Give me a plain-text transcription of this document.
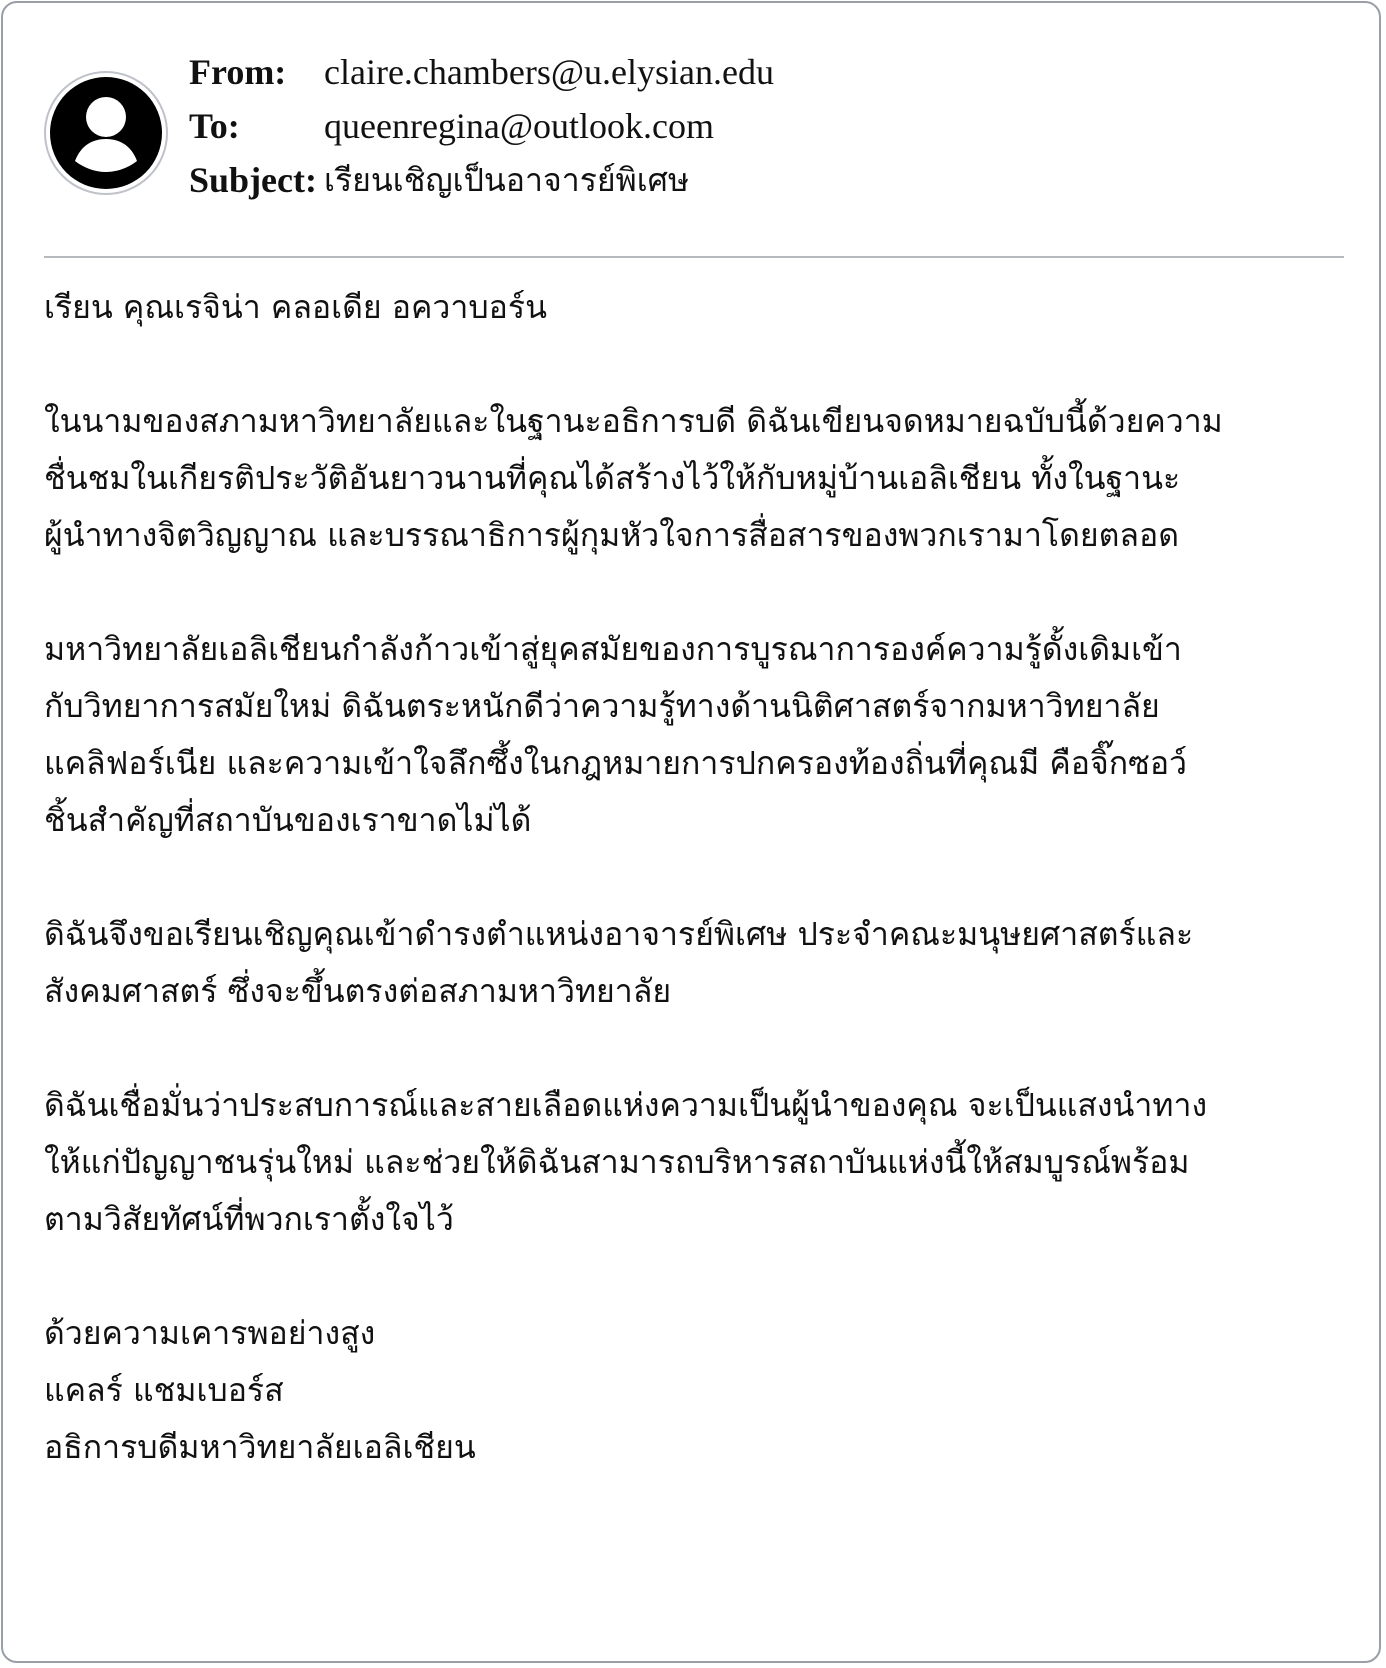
From: claire.chambers@u.elysian.edu
To: queenregina@outlook.com
Subject: เรียนเชิญเป็นอาจารย์พิเศษ

เรียน คุณเรจิน่า คลอเดีย อควาบอร์น

ในนามของสภามหาวิทยาลัยและในฐานะอธิการบดี ดิฉันเขียนจดหมายฉบับนี้ด้วยความ
ชื่นชมในเกียรติประวัติอันยาวนานที่คุณได้สร้างไว้ให้กับหมู่บ้านเอลิเชียน ทั้งในฐานะ
ผู้นำทางจิตวิญญาณ และบรรณาธิการผู้กุมหัวใจการสื่อสารของพวกเรามาโดยตลอด
มหาวิทยาลัยเอลิเชียนกำลังก้าวเข้าสู่ยุคสมัยของการบูรณาการองค์ความรู้ดั้งเดิมเข้า
กับวิทยาการสมัยใหม่ ดิฉันตระหนักดีว่าความรู้ทางด้านนิติศาสตร์จากมหาวิทยาลัย
แคลิฟอร์เนีย และความเข้าใจลึกซึ้งในกฎหมายการปกครองท้องถิ่นที่คุณมี คือจิ๊กซอว์
ชิ้นสำคัญที่สถาบันของเราขาดไม่ได้
ดิฉันจึงขอเรียนเชิญคุณเข้าดำรงตำแหน่งอาจารย์พิเศษ ประจำคณะมนุษยศาสตร์และ
สังคมศาสตร์ ซึ่งจะขึ้นตรงต่อสภามหาวิทยาลัย
ดิฉันเชื่อมั่นว่าประสบการณ์และสายเลือดแห่งความเป็นผู้นำของคุณ จะเป็นแสงนำทาง
ให้แก่ปัญญาชนรุ่นใหม่ และช่วยให้ดิฉันสามารถบริหารสถาบันแห่งนี้ให้สมบูรณ์พร้อม
ตามวิสัยทัศน์ที่พวกเราตั้งใจไว้
ด้วยความเคารพอย่างสูง
แคลร์ แชมเบอร์ส
อธิการบดีมหาวิทยาลัยเอลิเชียน
